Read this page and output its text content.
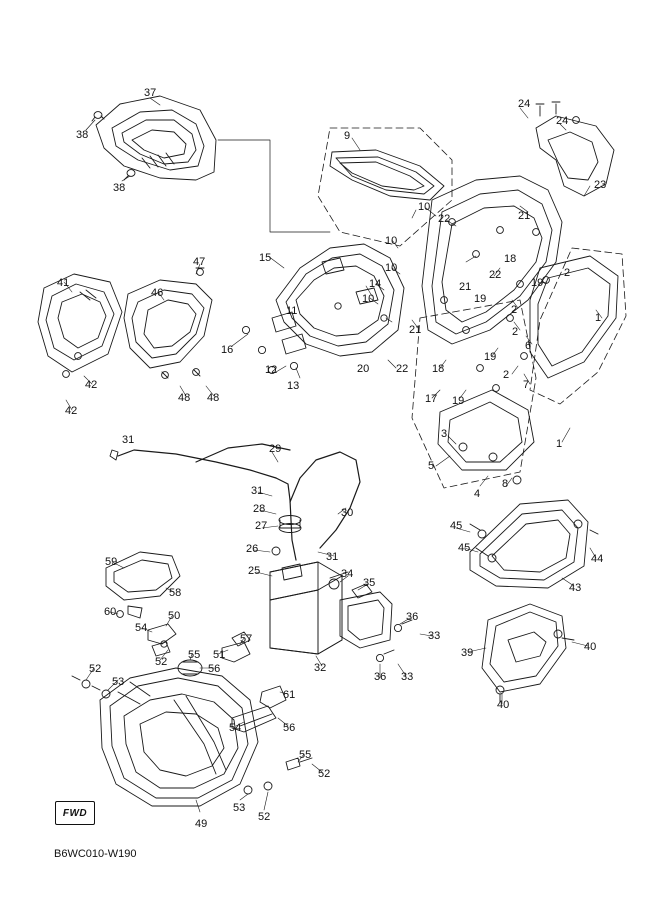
37
38
38
9
24
24
23
10
22	21
10
15	18
10
47
14
22
19
2
41
46	10
11
21
19
2
1
16
21	2
6
19
12	20 22 18	2
7
13
42
48 48	17 19
42
3
1
31
29
5
4
8
31
28
27
30
45
26
31	44
45
59
25	34
35	43
58
60	50	36
54
33
57
40
39
52
55 51
56
36 33
32
52
53
61
40
54	56
55
52
53
52
49
FWD
B6WC010-W190
